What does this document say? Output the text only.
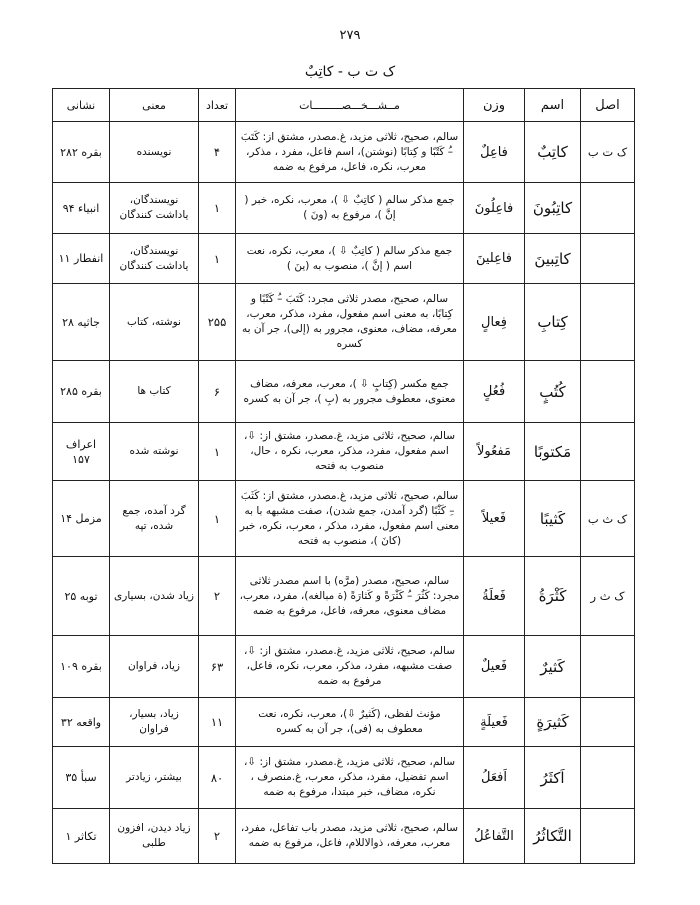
۲۷۹
ک ت ب - کاتِبٌ
اصل	اسم	وزن	مــشـــخـــصـــــــــات	تعداد	معنی	نشانی
ک ت ب	کاتِبٌ	فاعِلٌ	سالم، صحیح، ثلاثی مزید، غ.مصدر، مشتق از: کَتَبَ –ُ کَتْبًا و کِتابًا (نوشتن)، اسم فاعل، مفرد ، مذکر، معرب، نکره، فاعل، مرفوع به ضمه	۴	نویسنده	بقره ۲۸۲
	کاتِبُونَ	فاعِلُونَ	جمع مذکر سالم ( کاتِبٌ ⇩ )، معرب، نکره، خبر ( إنَّ )، مرفوع به (ونَ )	۱	نویسندگان، یاداشت کنندگان	انبیاء ۹۴
	کاتِبینَ	فاعِلینَ	جمع مذکر سالم ( کاتِبٌ ⇩ )، معرب، نکره، نعت اسم ( إنَّ )، منصوب به (ینَ )	۱	نویسندگان، یاداشت کنندگان	انفطار ۱۱
	کِتابِ	فِعالٍ	سالم، صحیح، مصدر ثلاثی مجرد: کَتَبَ –ُ کَتْبًا و کِتابًا، به معنی اسم مفعول، مفرد، مذکر، معرب، معرفه، مضاف، معنوی، مجرور به (إلی)، جر آن به کسره	۲۵۵	نوشته، کتاب	جاثیه ۲۸
	کُتُبٍ	فُعُلٍ	جمع مکسر (کِتابٍ ⇩ )، معرب، معرفه، مضاف معنوی، معطوف مجرور به (بِ )، جر آن به کسره	۶	کتاب ها	بقره ۲۸۵
	مَکتوبًا	مَفعُولاً	سالم، صحیح، ثلاثی مزید، غ.مصدر، مشتق از: ⇩، اسم مفعول، مفرد، مذکر، معرب، نکره ، حال، منصوب به فتحه	۱	نوشته شده	اعراف ۱۵۷
ک ث ب	کَثیبًا	فَعیلاً	سالم، صحیح، ثلاثی مزید، غ.مصدر، مشتق از: کَثَبَ –ِ کَثْبًا (گرد آمدن، جمع شدن)، صفت مشبهه با به معنی اسم مفعول، مفرد، مذکر ، معرب، نکره، خبر (کانَ )، منصوب به فتحه	۱	گرد آمده، جمع شده، تپه	مزمل ۱۴
ک ث ر	کَثْرَةُ	فَعلَةُ	سالم، صحیح، مصدر (مرَّه) با اسم مصدر ثلاثی مجرد: کَثُرَ –ُ کَثْرَةً و کَثارَةً (ة مبالغه)، مفرد، معرب، مضاف معنوی، معرفه، فاعل، مرفوع به ضمه	۲	زیاد شدن، بسیاری	توبه ۲۵
	کَثیرٌ	فَعیلٌ	سالم، صحیح، ثلاثی مزید، غ.مصدر، مشتق از: ⇩، صفت مشبهه، مفرد، مذکر، معرب، نکره، فاعل، مرفوع به ضمه	۶۳	زیاد، فراوان	بقره ۱۰۹
	کَثیرَةٍ	فَعیلَةٍ	مؤنث لفظی، (کَثیرٌ ⇩)، معرب، نکره، نعت معطوف به (فی)، جر آن به کسره	۱۱	زیاد، بسیار، فراوان	واقعه ۳۲
	اَکثَرُ	اَفعَلُ	سالم، صحیح، ثلاثی مزید، غ.مصدر، مشتق از: ⇩، اسم تفضیل، مفرد، مذکر، معرب، غ.منصرف ، نکره، مضاف، خبر مبتدا، مرفوع به ضمه	۸۰	بیشتر، زیادتر	سبأ ۳۵
	التَّکاثُرُ	التَّفاعُلُ	سالم، صحیح، ثلاثی مزید، مصدر باب تفاعل، مفرد، معرب، معرفه، ذوالاللام، فاعل، مرفوع به ضمه	۲	زیاد دیدن، افزون طلبی	تکاثر ۱
